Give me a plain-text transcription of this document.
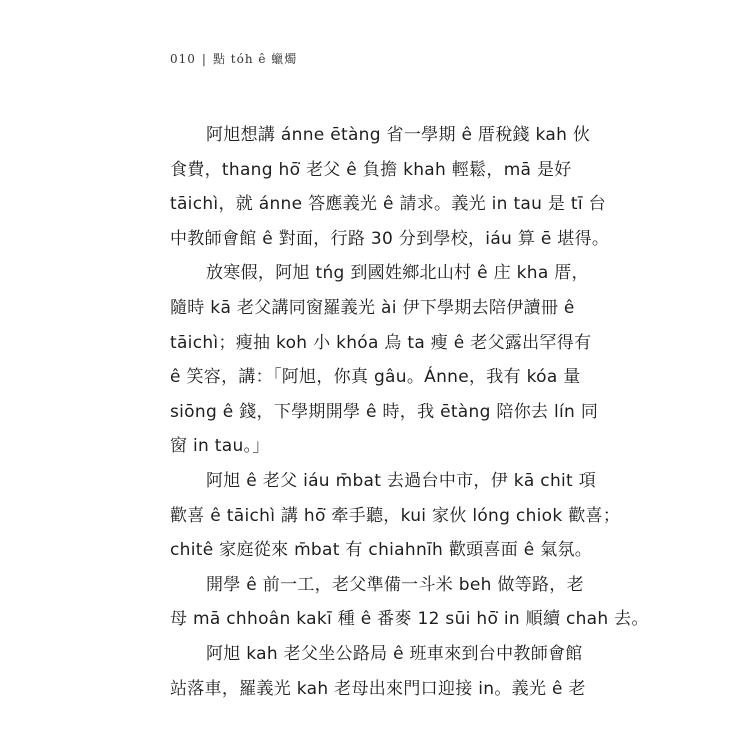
010 | 點 tóh ê 蠟燭
阿旭想講 ánne ētàng 省一學期 ê 厝稅錢 kah 伙
食費，thang hō͘ 老父 ê 負擔 khah 輕鬆，mā 是好
tāichì，就 ánne 答應義光 ê 請求。義光 in tau 是 tī 台
中教師會館 ê 對面，行路 30 分到學校，iáu 算 ē 堪得。
放寒假，阿旭 tńg 到國姓鄉北山村 ê 庄 kha 厝，
隨時 kā 老父講同窗羅義光 ài 伊下學期去陪伊讀冊 ê
tāichì；瘦抽 koh 小 khóa 烏 ta 瘦 ê 老父露出罕得有
ê 笑容，講：「阿旭，你真 gâu。Ánne，我有 kóa 量
siōng ê 錢，下學期開學 ê 時，我 ētàng 陪你去 lín 同
窗 in tau。」
阿旭 ê 老父 iáu m̄bat 去過台中市，伊 kā chit 項
歡喜 ê tāichì 講 hō͘ 牽手聽，kui 家伙 lóng chiok 歡喜；
chitê 家庭從來 m̄bat 有 chiahnīh 歡頭喜面 ê 氣氛。
開學 ê 前一工，老父準備一斗米 beh 做等路，老
母 mā chhoân kakī 種 ê 番麥 12 sūi hō͘ in 順續 chah 去。
阿旭 kah 老父坐公路局 ê 班車來到台中教師會館
站落車，羅義光 kah 老母出來門口迎接 in。義光 ê 老
